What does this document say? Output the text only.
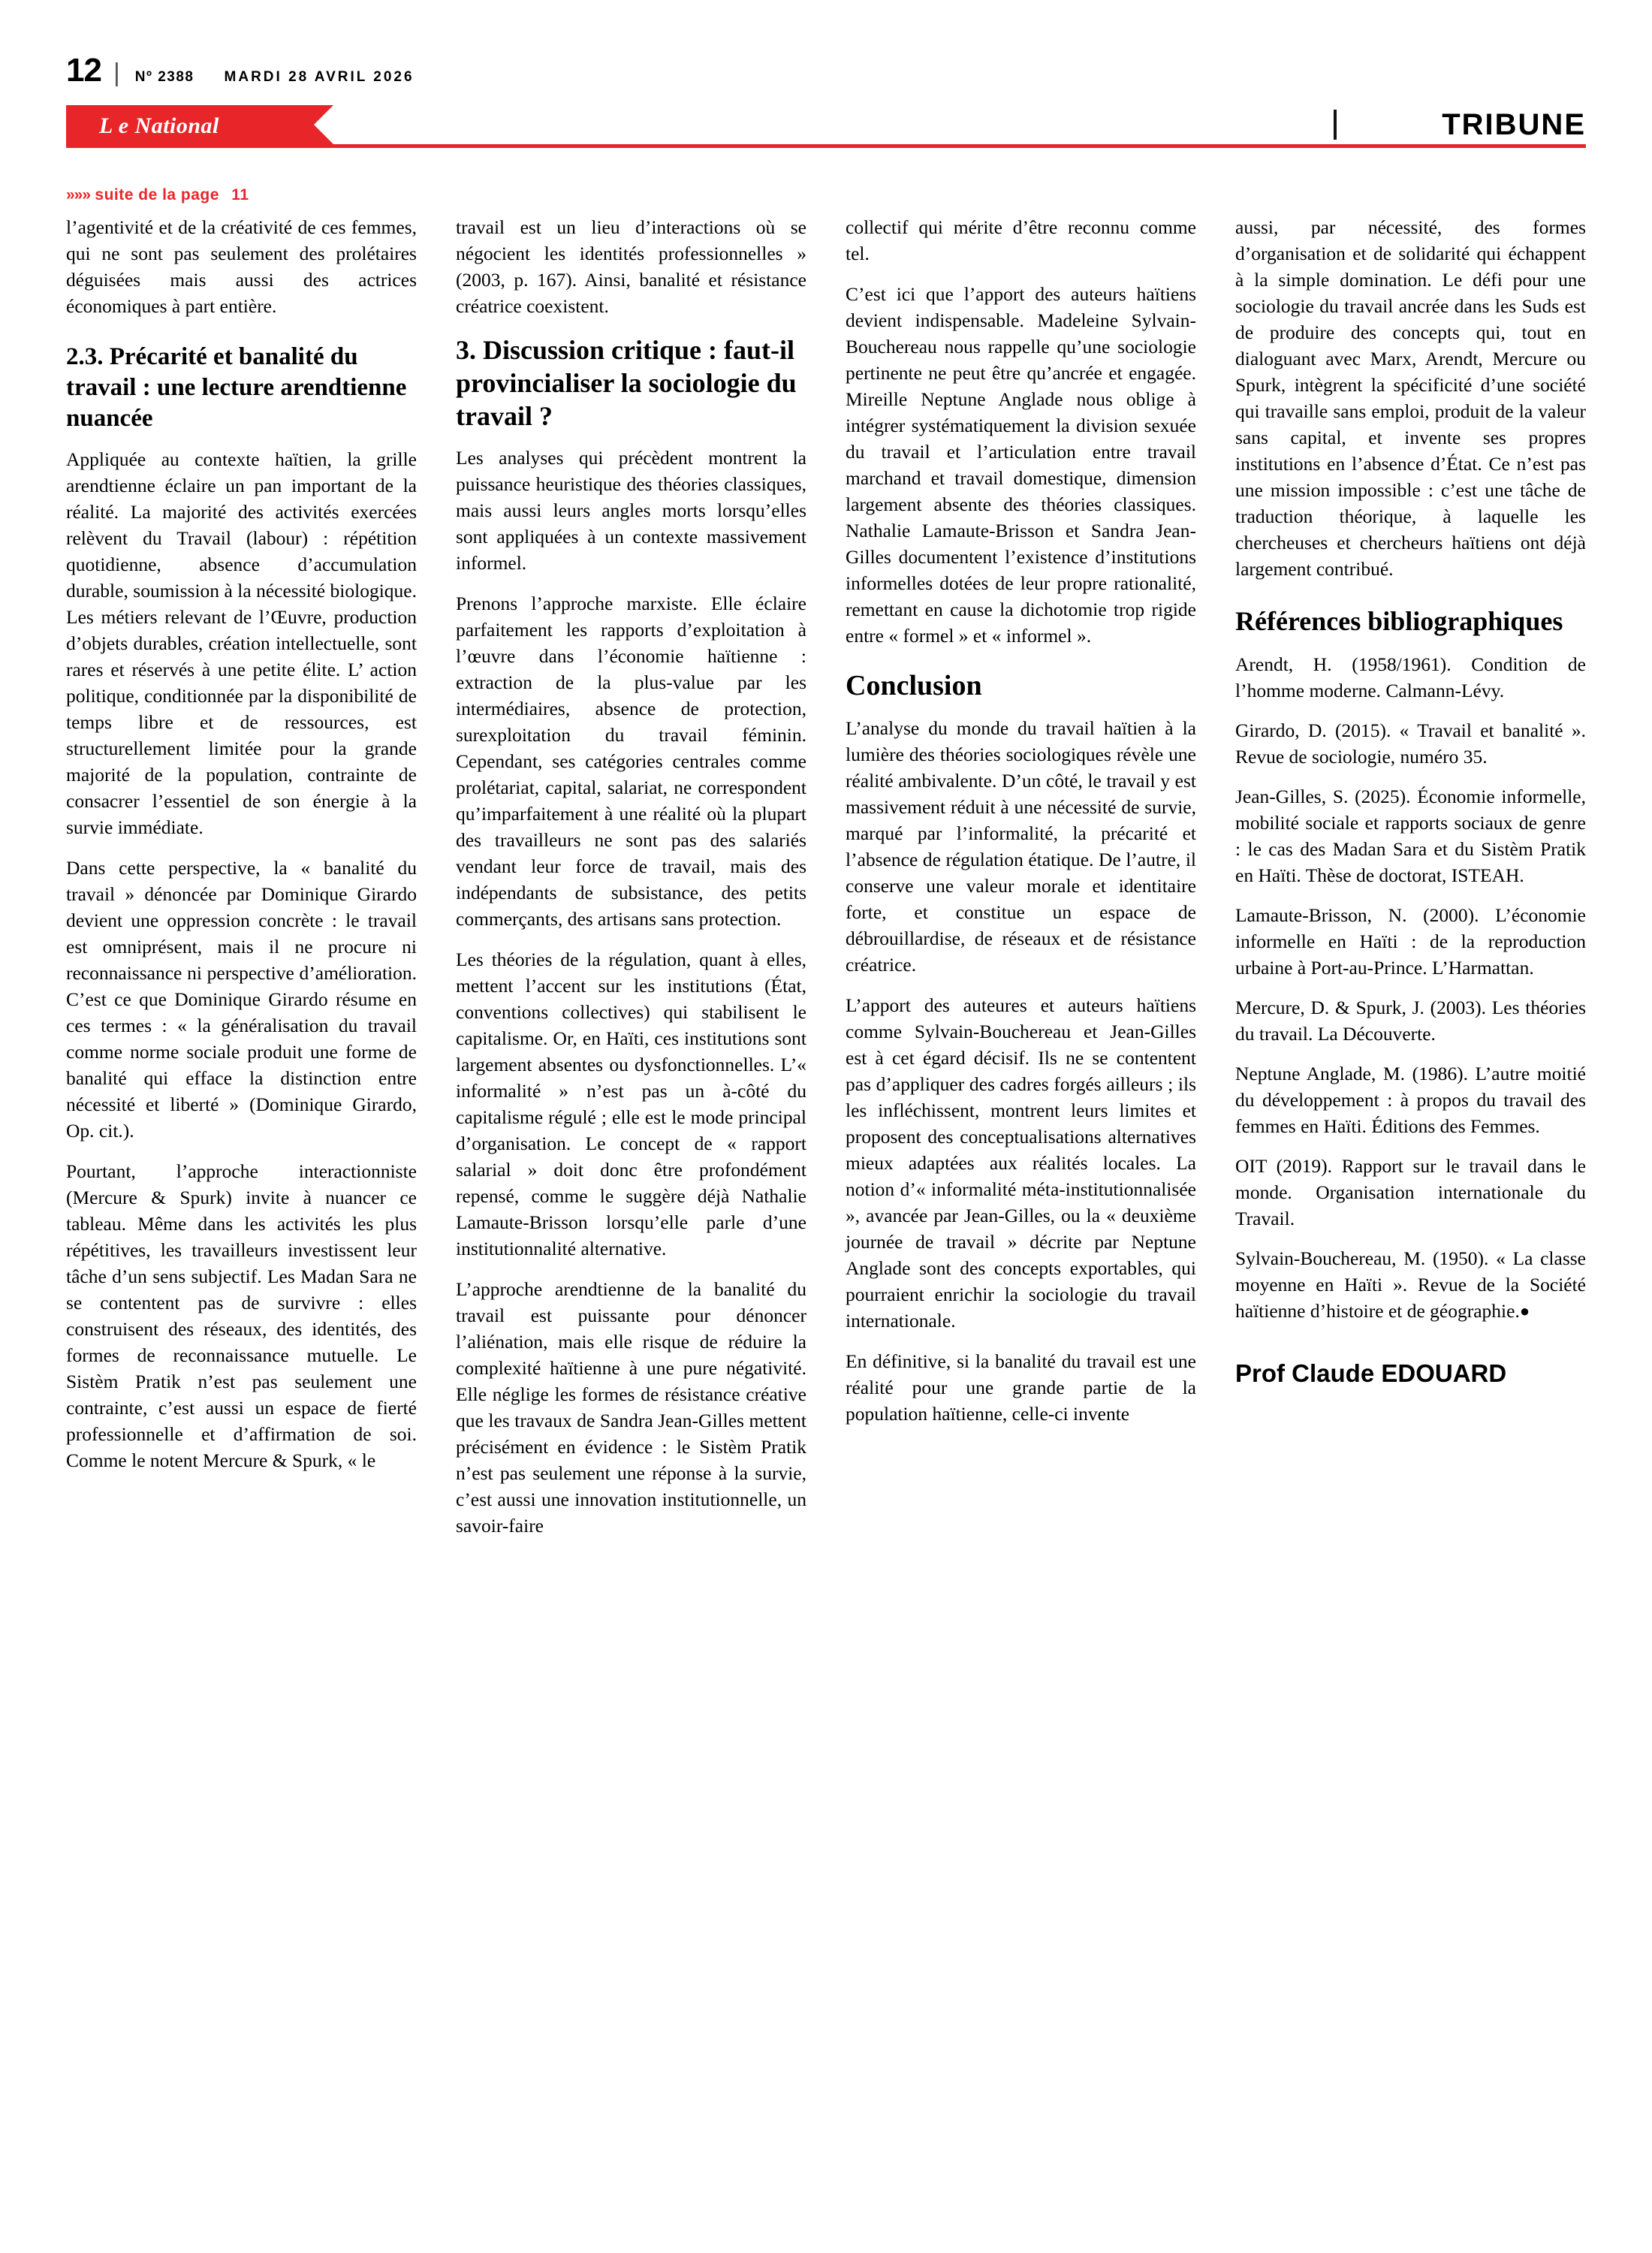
12 |	Nº 2388	MARDI 28 AVRIL 2026
L e National	TRIBUNE
»»» suite de la page 11

l’agentivité et de la créativité de ces femmes, qui ne sont pas seulement des prolétaires déguisées mais aussi des actrices économiques à part entière.

2.3. Précarité et banalité du travail : une lecture arendtienne nuancée

Appliquée au contexte haïtien, la grille arendtienne éclaire un pan important de la réalité. La majorité des activités exercées relèvent du Travail (labour) : répétition quotidienne, absence d’accumulation durable, soumission à la nécessité biologique. Les métiers relevant de l’Œuvre, production d’objets durables, création intellectuelle, sont rares et réservés à une petite élite. L’ action politique, conditionnée par la disponibilité de temps libre et de ressources, est structurellement limitée pour la grande majorité de la population, contrainte de consacrer l’essentiel de son énergie à la survie immédiate.

Dans cette perspective, la « banalité du travail » dénoncée par Dominique Girardo devient une oppression concrète : le travail est omniprésent, mais il ne procure ni reconnaissance ni perspective d’amélioration. C’est ce que Dominique Girardo résume en ces termes : « la généralisation du travail comme norme sociale produit une forme de banalité qui efface la distinction entre nécessité et liberté » (Dominique Girardo, Op. cit.).

Pourtant, l’approche interactionniste (Mercure & Spurk) invite à nuancer ce tableau. Même dans les activités les plus répétitives, les travailleurs investissent leur tâche d’un sens subjectif. Les Madan Sara ne se contentent pas de survivre : elles construisent des réseaux, des identités, des formes de reconnaissance mutuelle. Le Sistèm Pratik n’est pas seulement une contrainte, c’est aussi un espace de fierté professionnelle et d’affirmation de soi. Comme le notent Mercure & Spurk, « le

travail est un lieu d’interactions où se négocient les identités professionnelles » (2003, p. 167). Ainsi, banalité et résistance créatrice coexistent.

3. Discussion critique : faut-il provincialiser la sociologie du travail ?

Les analyses qui précèdent montrent la puissance heuristique des théories classiques, mais aussi leurs angles morts lorsqu’elles sont appliquées à un contexte massivement informel.

Prenons l’approche marxiste. Elle éclaire parfaitement les rapports d’exploitation à l’œuvre dans l’économie haïtienne : extraction de la plus-value par les intermédiaires, absence de protection, surexploitation du travail féminin. Cependant, ses catégories centrales comme prolétariat, capital, salariat, ne correspondent qu’imparfaitement à une réalité où la plupart des travailleurs ne sont pas des salariés vendant leur force de travail, mais des indépendants de subsistance, des petits commerçants, des artisans sans protection.

Les théories de la régulation, quant à elles, mettent l’accent sur les institutions (État, conventions collectives) qui stabilisent le capitalisme. Or, en Haïti, ces institutions sont largement absentes ou dysfonctionnelles. L’« informalité » n’est pas un à-côté du capitalisme régulé ; elle est le mode principal d’organisation. Le concept de « rapport salarial » doit donc être profondément repensé, comme le suggère déjà Nathalie Lamaute-Brisson lorsqu’elle parle d’une institutionnalité alternative.

L’approche arendtienne de la banalité du travail est puissante pour dénoncer l’aliénation, mais elle risque de réduire la complexité haïtienne à une pure négativité. Elle néglige les formes de résistance créative que les travaux de Sandra Jean-Gilles mettent précisément en évidence : le Sistèm Pratik n’est pas seulement une réponse à la survie, c’est aussi une innovation institutionnelle, un savoir-faire

collectif qui mérite d’être reconnu comme tel.

C’est ici que l’apport des auteurs haïtiens devient indispensable. Madeleine Sylvain-Bouchereau nous rappelle qu’une sociologie pertinente ne peut être qu’ancrée et engagée. Mireille Neptune Anglade nous oblige à intégrer systématiquement la division sexuée du travail et l’articulation entre travail marchand et travail domestique, dimension largement absente des théories classiques. Nathalie Lamaute-Brisson et Sandra Jean-Gilles documentent l’existence d’institutions informelles dotées de leur propre rationalité, remettant en cause la dichotomie trop rigide entre « formel » et « informel ».

Conclusion

L’analyse du monde du travail haïtien à la lumière des théories sociologiques révèle une réalité ambivalente. D’un côté, le travail y est massivement réduit à une nécessité de survie, marqué par l’informalité, la précarité et l’absence de régulation étatique. De l’autre, il conserve une valeur morale et identitaire forte, et constitue un espace de débrouillardise, de réseaux et de résistance créatrice.

L’apport des auteures et auteurs haïtiens comme Sylvain-Bouchereau et Jean-Gilles est à cet égard décisif. Ils ne se contentent pas d’appliquer des cadres forgés ailleurs ; ils les infléchissent, montrent leurs limites et proposent des conceptualisations alternatives mieux adaptées aux réalités locales. La notion d’« informalité méta-institutionnalisée », avancée par Jean-Gilles, ou la « deuxième journée de travail » décrite par Neptune Anglade sont des concepts exportables, qui pourraient enrichir la sociologie du travail internationale.

En définitive, si la banalité du travail est une réalité pour une grande partie de la population haïtienne, celle-ci invente

aussi, par nécessité, des formes d’organisation et de solidarité qui échappent à la simple domination. Le défi pour une sociologie du travail ancrée dans les Suds est de produire des concepts qui, tout en dialoguant avec Marx, Arendt, Mercure ou Spurk, intègrent la spécificité d’une société qui travaille sans emploi, produit de la valeur sans capital, et invente ses propres institutions en l’absence d’État. Ce n’est pas une mission impossible : c’est une tâche de traduction théorique, à laquelle les chercheuses et chercheurs haïtiens ont déjà largement contribué.

Références bibliographiques

Arendt, H. (1958/1961). Condition de l’homme moderne. Calmann-Lévy.

Girardo, D. (2015). « Travail et banalité ». Revue de sociologie, numéro 35.

Jean-Gilles, S. (2025). Économie informelle, mobilité sociale et rapports sociaux de genre : le cas des Madan Sara et du Sistèm Pratik en Haïti. Thèse de doctorat, ISTEAH.

Lamaute-Brisson, N. (2000). L’économie informelle en Haïti : de la reproduction urbaine à Port-au-Prince. L’Harmattan.

Mercure, D. & Spurk, J. (2003). Les théories du travail. La Découverte.

Neptune Anglade, M. (1986). L’autre moitié du développement : à propos du travail des femmes en Haïti. Éditions des Femmes.

OIT (2019). Rapport sur le travail dans le monde. Organisation internationale du Travail.

Sylvain-Bouchereau, M. (1950). « La classe moyenne en Haïti ». Revue de la Société haïtienne d’histoire et de géographie.●

Prof Claude EDOUARD
